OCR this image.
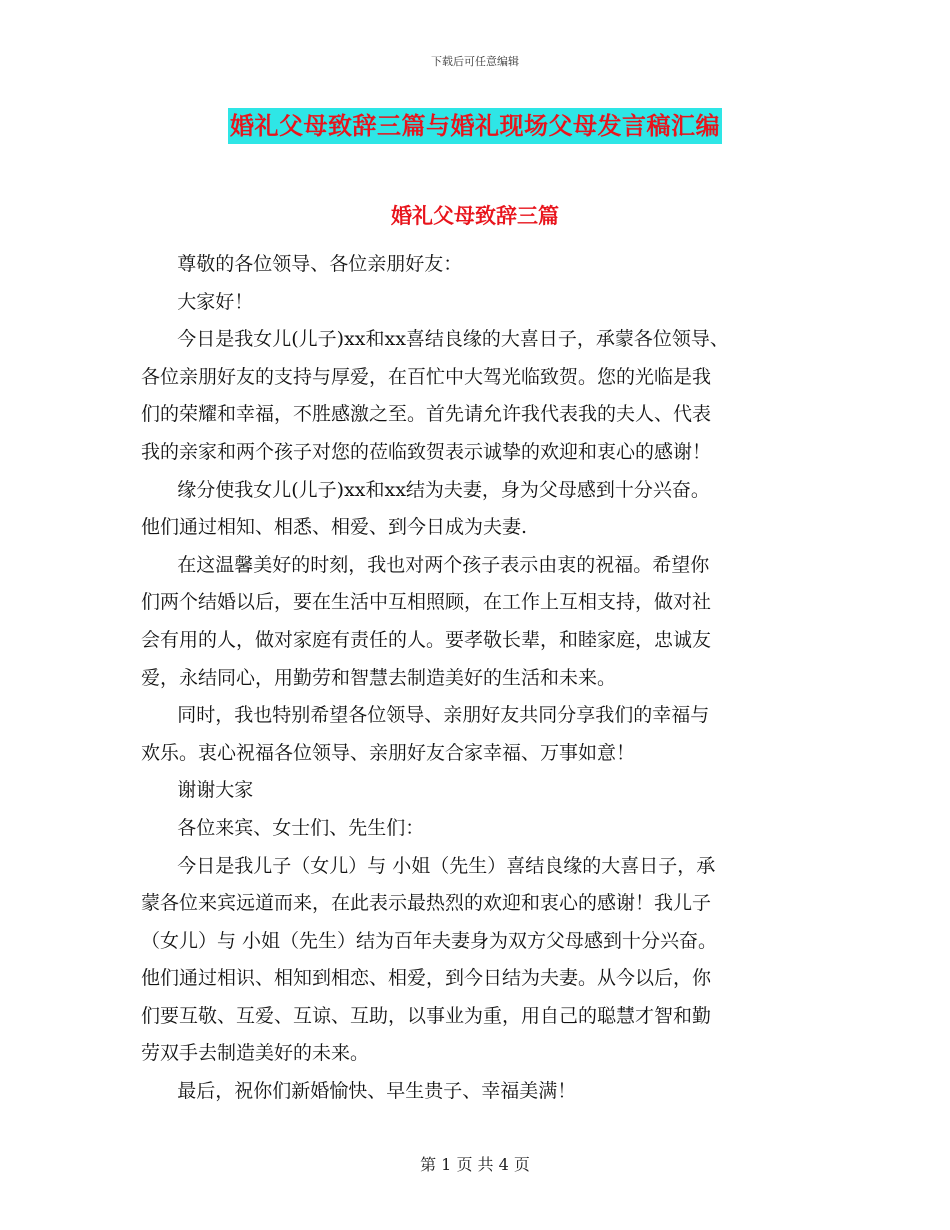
下载后可任意编辑
婚礼父母致辞三篇与婚礼现场父母发言稿汇编
婚礼父母致辞三篇

尊敬的各位领导、各位亲朋好友：

大家好！

今日是我女儿(儿子)xx和xx喜结良缘的大喜日子，承蒙各位领导、

各位亲朋好友的支持与厚爱，在百忙中大驾光临致贺。您的光临是我

们的荣耀和幸福，不胜感激之至。首先请允许我代表我的夫人、代表

我的亲家和两个孩子对您的莅临致贺表示诚挚的欢迎和衷心的感谢！

缘分使我女儿(儿子)xx和xx结为夫妻，身为父母感到十分兴奋。

他们通过相知、相悉、相爱、到今日成为夫妻.

在这温馨美好的时刻，我也对两个孩子表示由衷的祝福。希望你

们两个结婚以后，要在生活中互相照顾，在工作上互相支持，做对社

会有用的人，做对家庭有责任的人。要孝敬长辈，和睦家庭，忠诚友

爱，永结同心，用勤劳和智慧去制造美好的生活和未来。

同时，我也特别希望各位领导、亲朋好友共同分享我们的幸福与

欢乐。衷心祝福各位领导、亲朋好友合家幸福、万事如意！

谢谢大家

各位来宾、女士们、先生们：

今日是我儿子（女儿）与 小姐（先生）喜结良缘的大喜日子，承

蒙各位来宾远道而来，在此表示最热烈的欢迎和衷心的感谢！我儿子

（女儿）与 小姐（先生）结为百年夫妻身为双方父母感到十分兴奋。

他们通过相识、相知到相恋、相爱，到今日结为夫妻。从今以后，你

们要互敬、互爱、互谅、互助，以事业为重，用自己的聪慧才智和勤

劳双手去制造美好的未来。

最后，祝你们新婚愉快、早生贵子、幸福美满！

第 1 页 共 4 页
